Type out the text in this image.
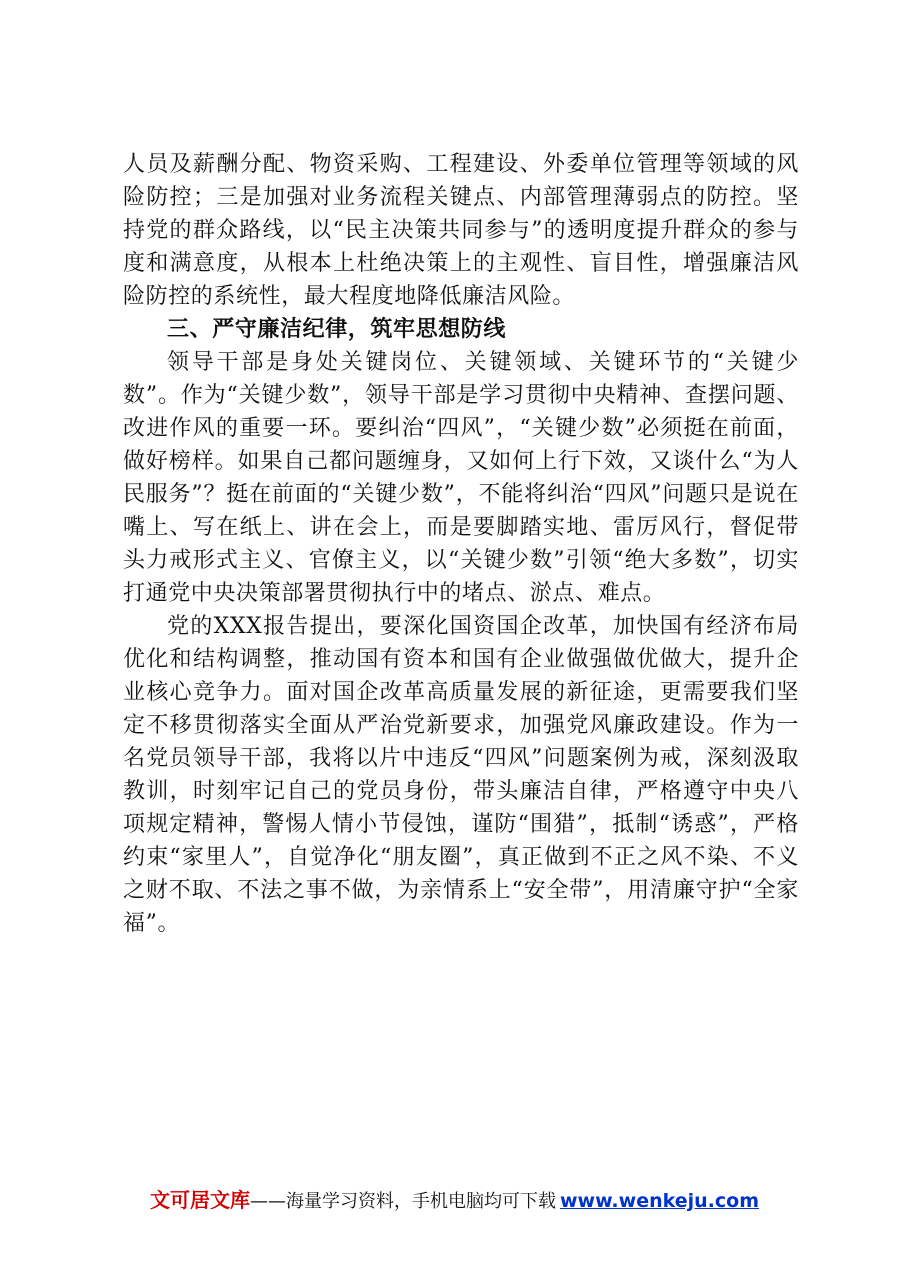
人员及薪酬分配、物资采购、工程建设、外委单位管理等领域的风险防控；三是加强对业务流程关键点、内部管理薄弱点的防控。坚持党的群众路线，以“民主决策共同参与”的透明度提升群众的参与度和满意度，从根本上杜绝决策上的主观性、盲目性，增强廉洁风险防控的系统性，最大程度地降低廉洁风险。

三、严守廉洁纪律，筑牢思想防线

领导干部是身处关键岗位、关键领域、关键环节的“关键少数”。作为“关键少数”，领导干部是学习贯彻中央精神、查摆问题、改进作风的重要一环。要纠治“四风”，“关键少数”必须挺在前面，做好榜样。如果自己都问题缠身，又如何上行下效，又谈什么“为人民服务”？挺在前面的“关键少数”，不能将纠治“四风”问题只是说在嘴上、写在纸上、讲在会上，而是要脚踏实地、雷厉风行，督促带头力戒形式主义、官僚主义，以“关键少数”引领“绝大多数”，切实打通党中央决策部署贯彻执行中的堵点、淤点、难点。

党的XXX报告提出，要深化国资国企改革，加快国有经济布局优化和结构调整，推动国有资本和国有企业做强做优做大，提升企业核心竞争力。面对国企改革高质量发展的新征途，更需要我们坚定不移贯彻落实全面从严治党新要求，加强党风廉政建设。作为一名党员领导干部，我将以片中违反“四风”问题案例为戒，深刻汲取教训，时刻牢记自己的党员身份，带头廉洁自律，严格遵守中央八项规定精神，警惕人情小节侵蚀，谨防“围猎”，抵制“诱惑”，严格约束“家里人”，自觉净化“朋友圈”，真正做到不正之风不染、不义之财不取、不法之事不做，为亲情系上“安全带”，用清廉守护“全家福”。

文可居文库——海量学习资料，手机电脑均可下载 www.wenkeju.com
